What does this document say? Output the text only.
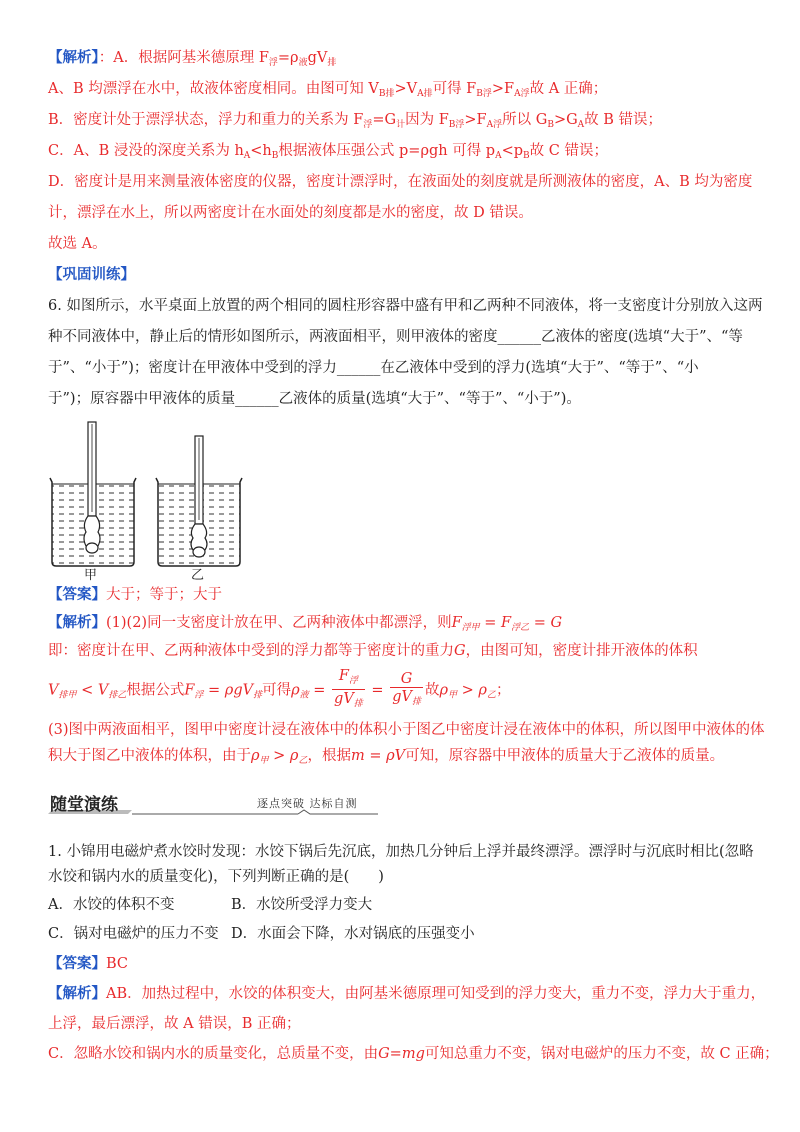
【解析】：A．根据阿基米德原理 $F_浮=\rho_液gV_排$
A、B 均漂浮在水中，故液体密度相同。由图可知 $V_{B排}>V_{A排}$可得 $F_{B浮}>F_{A浮}$故 A 正确；
B．密度计处于漂浮状态，浮力和重力的关系为 $F_浮=G_计$因为 $F_{B浮}>F_{A浮}$所以 $G_B>G_A$故 B 错误；
C．A、B 浸没的深度关系为 $h_A<h_B$根据液体压强公式 p=ρgh 可得 $p_A<p_B$故 C 错误；
D．密度计是用来测量液体密度的仪器，密度计漂浮时，在液面处的刻度就是所测液体的密度，A、B 均为密度
计，漂浮在水上，所以两密度计在水面处的刻度都是水的密度，故 D 错误。
故选 A。
【巩固训练】
6. 如图所示，水平桌面上放置的两个相同的圆柱形容器中盛有甲和乙两种不同液体，将一支密度计分别放入这两
种不同液体中，静止后的情形如图所示，两液面相平，则甲液体的密度______乙液体的密度(选填“大于”、“等
于”、“小于”)；密度计在甲液体中受到的浮力______在乙液体中受到的浮力(选填“大于”、“等于”、“小
于”)；原容器中甲液体的质量______乙液体的质量(选填“大于”、“等于”、“小于”)。
甲	乙
【答案】大于；等于；大于
【解析】(1)(2)同一支密度计放在甲、乙两种液体中都漂浮，则$F_{浮甲} = F_{浮乙} = G$
即：密度计在甲、乙两种液体中受到的浮力都等于密度计的重力G，由图可知，密度计排开液体的体积
$V_{排甲} < V_{排乙}$根据公式$F_浮 = \rho gV_排$可得$\rho_液 = \frac{F_浮}{gV_排} = \frac{G}{gV_排}$ 故$\rho_甲 > \rho_乙$；
(3)图中两液面相平，图甲中密度计浸在液体中的体积小于图乙中密度计浸在液体中的体积，所以图甲中液体的体
积大于图乙中液体的体积，由于$\rho_甲 > \rho_乙$，根据m = ρV可知，原容器中甲液体的质量大于乙液体的质量。
随堂演练	逐点突破 达标自测
1. 小锦用电磁炉煮水饺时发现：水饺下锅后先沉底，加热几分钟后上浮并最终漂浮。漂浮时与沉底时相比(忽略
水饺和锅内水的质量变化)，下列判断正确的是(　　)
A．水饺的体积不变	B．水饺所受浮力变大
C．锅对电磁炉的压力不变 D．水面会下降，水对锅底的压强变小
【答案】BC
【解析】AB．加热过程中，水饺的体积变大，由阿基米德原理可知受到的浮力变大，重力不变，浮力大于重力，
上浮，最后漂浮，故 A 错误，B 正确；
C．忽略水饺和锅内水的质量变化，总质量不变，由G=mg可知总重力不变，锅对电磁炉的压力不变，故 C 正确；
